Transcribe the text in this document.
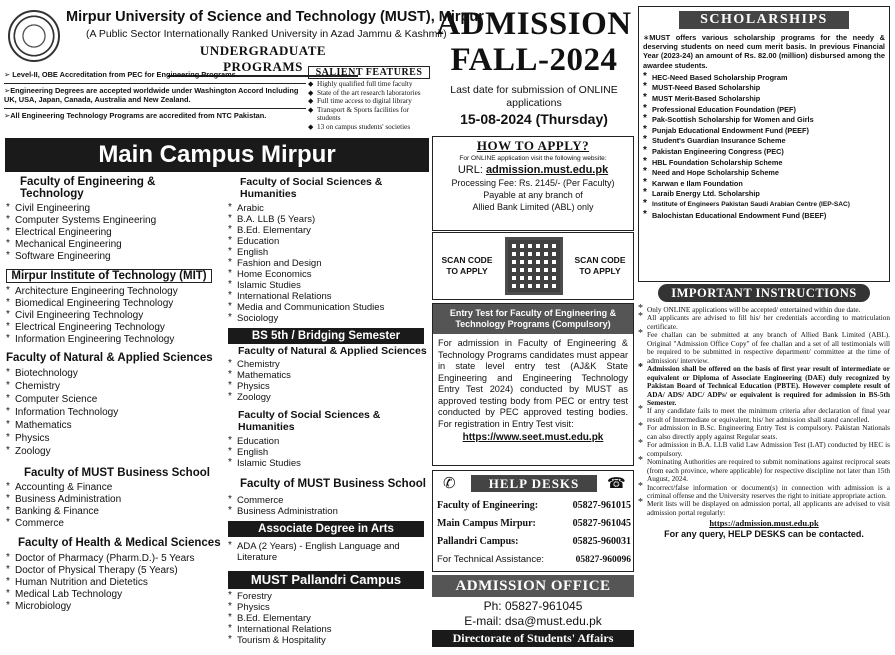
Mirpur University of Science and Technology (MUST), Mirpur
(A Public Sector Internationally Ranked University in Azad Jammu & Kashmir)
UNDERGRADUATE PROGRAMS
➢ Level-II, OBE Accreditation from PEC for Engineering Programs.
➢Engineering Degrees are accepted worldwide under Washington Accord Including UK, USA, Japan, Canada, Australia and New Zealand.
➢All Engineering Technology Programs are accredited from NTC Pakistan.
SALIENT FEATURES
◆ Highly qualified full time faculty
◆ State of the art research laboratories
◆ Full time access to digital library
◆ Transport & Sports facilities for students
◆ 13 on campus students' societies
ADMISSION
FALL-2024
Last date for submission of ONLINE applications
15-08-2024 (Thursday)
Main Campus Mirpur
Faculty of Engineering & Technology
* Civil Engineering
* Computer Systems Engineering
* Electrical Engineering
* Mechanical Engineering
* Software Engineering
Mirpur Institute of Technology (MIT)
* Architecture Engineering Technology
* Biomedical Engineering Technology
* Civil Engineering Technology
* Electrical Engineering Technology
* Information Engineering Technology
Faculty of Natural & Applied Sciences
* Biotechnology
* Chemistry
* Computer Science
* Information Technology
* Mathematics
* Physics
* Zoology
Faculty of MUST Business School
* Accounting & Finance
* Business Administration
* Banking & Finance
* Commerce
Faculty of Health & Medical Sciences
* Doctor of Pharmacy (Pharm.D.)- 5 Years
* Doctor of Physical Therapy (5 Years)
* Human Nutrition and Dietetics
* Medical Lab Technology
* Microbiology
Faculty of Social Sciences & Humanities
* Arabic
* B.A. LLB (5 Years)
* B.Ed. Elementary
* Education
* English
* Fashion and Design
* Home Economics
* Islamic Studies
* International Relations
* Media and Communication Studies
* Sociology
BS 5th / Bridging Semester
Faculty of Natural & Applied Sciences
* Chemistry
* Mathematics
* Physics
* Zoology
Faculty of Social Sciences & Humanities
* Education
* English
* Islamic Studies
Faculty of MUST Business School
* Commerce
* Business Administration
Associate Degree in Arts
* ADA (2 Years) - English Language and Literature
MUST Pallandri Campus
* Forestry
* Physics
* B.Ed. Elementary
* International Relations
* Tourism & Hospitality
HOW TO APPLY?
For ONLINE application visit the following website:
URL: admission.must.edu.pk
Processing Fee: Rs. 2145/- (Per Faculty)
Payable at any branch of
Allied Bank Limited (ABL) only
SCAN CODE TO APPLY
SCAN CODE TO APPLY
Entry Test for Faculty of Engineering & Technology Programs (Compulsory)
For admission in Faculty of Engineering & Technology Programs candidates must appear in state level entry test (AJ&K State Engineering and Engineering Technology Entry Test 2024) conducted by MUST as approved testing body from PEC or entry test conducted by PEC approved testing bodies. For registration in Entry Test visit:
https://www.seet.must.edu.pk
✆	HELP DESKS	☎
Faculty of Engineering:	05827-961015
Main Campus Mirpur:	05827-961045
Pallandri Campus:	05825-960031
For Technical Assistance:	05827-960096
ADMISSION OFFICE
Ph: 05827-961045
E-mail: dsa@must.edu.pk
Directorate of Students' Affairs
SCHOLARSHIPS
∗MUST offers various scholarship programs for the needy & deserving students on need cum merit basis. In previous Financial Year (2023-24) an amount of Rs. 82.00 (million) disbursed among the awardee students.
* HEC-Need Based Scholarship Program
* MUST-Need Based Scholarship
* MUST Merit-Based Scholarship
* Professional Education Foundation (PEF)
* Pak-Scottish Scholarship for Women and Girls
* Punjab Educational Endowment Fund (PEEF)
* Student's Guardian Insurance Scheme
* Pakistan Engineering Congress (PEC)
* HBL Foundation Scholarship Scheme
* Need and Hope Scholarship Scheme
* Karwan e Ilam Foundation
* Laraib Energy Ltd. Scholarship
* Institute of Engineers Pakistan Saudi Arabian Centre (IEP-SAC)
* Balochistan Educational Endowment Fund (BEEF)
IMPORTANT INSTRUCTIONS
* Only ONLINE applications will be accepted/ entertained within due date.
* All applicants are advised to fill his/ her credentials according to matriculation certificate.
* Fee challan can be submitted at any branch of Allied Bank Limited (ABL). Original "Admission Office Copy" of fee challan and a set of all testimonials will be required to be submitted in respective department/ committee at the time of admission/ interview.
* Admission shall be offered on the basis of first year result of intermediate or equivalent or Diploma of Associate Engineering (DAE) duly recognized by Pakistan Board of Technical Education (PBTE). However complete result of ADA/ ADS/ ADC/ ADPs/ or equivalent is required for admission in BS-5th Semester.
* If any candidate fails to meet the minimum criteria after declaration of final year result of Intermediate or equivalent, his/ her admission shall stand cancelled.
* For admission in B.Sc. Engineering Entry Test is compulsory. Pakistan Nationals can also directly apply against Regular seats.
* For admission in B.A. LLB valid Law Admission Test (LAT) conducted by HEC is compulsory.
* Nominating Authorities are required to submit nominations against reciprocal seats (from each province, where applicable) for respective discipline not later than 15th August, 2024.
* Incorrect/false information or document(s) in connection with admission is a criminal offense and the University reserves the right to initiate appropriate action.
* Merit lists will be displayed on admission portal, all applicants are advised to visit admission portal regularly:
https://admission.must.edu.pk
For any query, HELP DESKS can be contacted.
